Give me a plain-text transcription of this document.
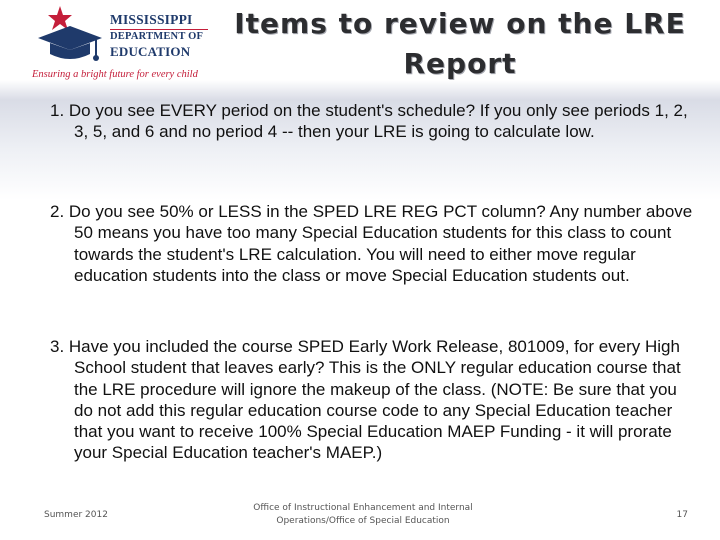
MISSISSIPPI
DEPARTMENT OF
EDUCATION
Ensuring a bright future for every child
Items to review on the LRE Report
1. Do you see EVERY period on the student's schedule? If you only see periods 1, 2, 3, 5, and 6 and no period 4 -- then your LRE is going to calculate low.
2. Do you see 50% or LESS in the SPED LRE REG PCT column? Any number above 50 means you have too many Special Education students for this class to count towards the student's LRE calculation. You will need to either move regular education students into the class or move Special Education students out.
3. Have you included the course SPED Early Work Release, 801009, for every High School student that leaves early? This is the ONLY regular education course that the LRE procedure will ignore the makeup of the class. (NOTE: Be sure that you do not add this regular education course code to any Special Education teacher that you want to receive 100% Special Education MAEP Funding - it will prorate your Special Education teacher's MAEP.)
Summer 2012
Office of Instructional Enhancement and Internal Operations/Office of Special Education
17
